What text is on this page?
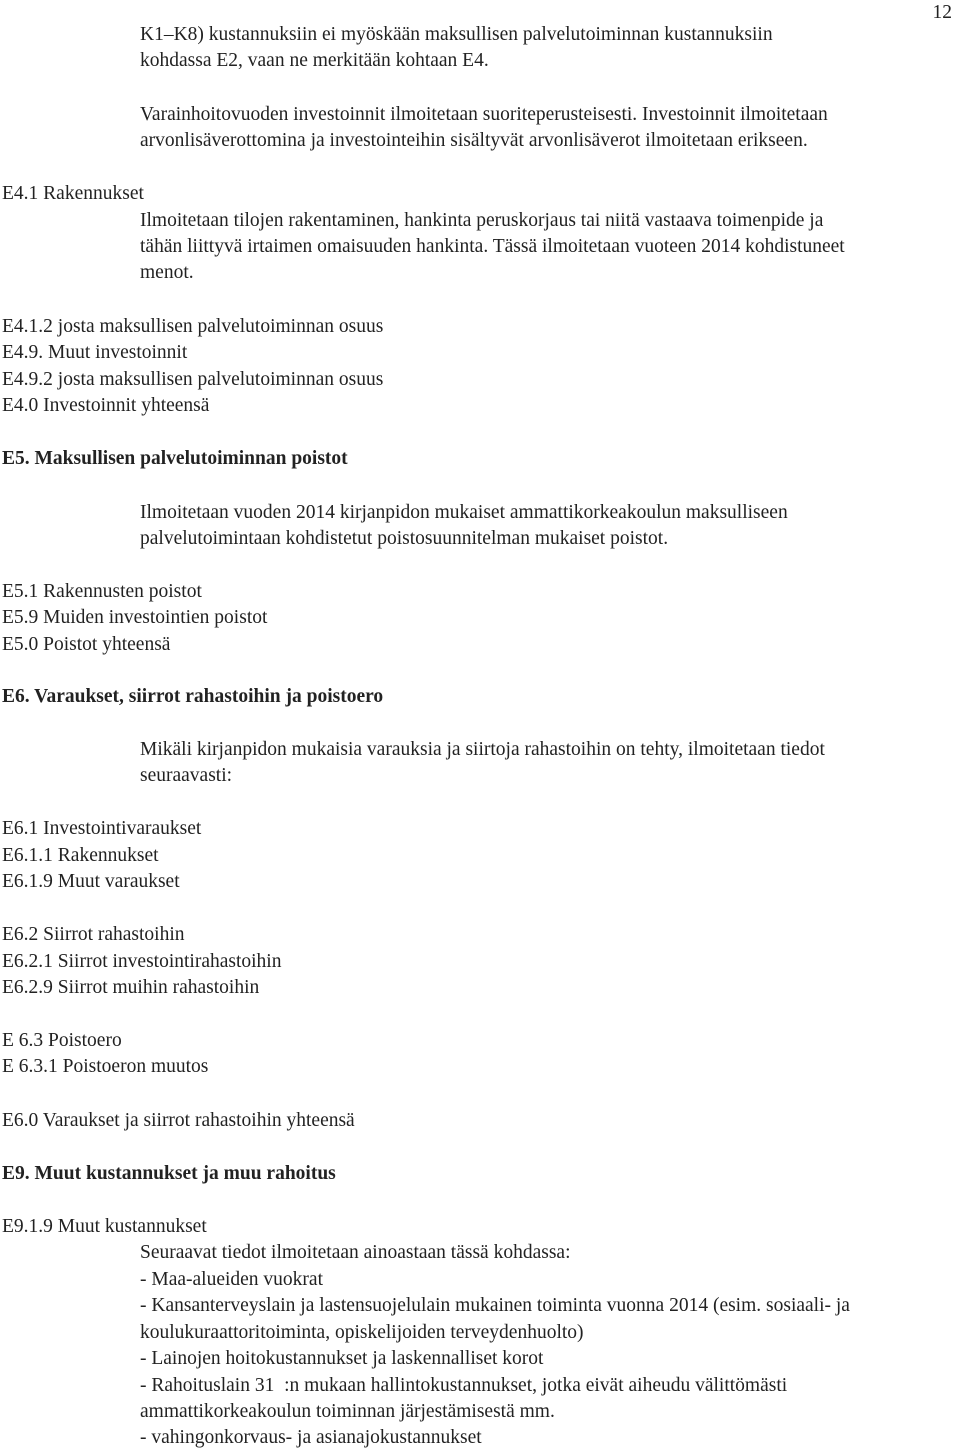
12
K1–K8) kustannuksiin ei myöskään maksullisen palvelutoiminnan kustannuksiin
kohdassa E2, vaan ne merkitään kohtaan E4.
Varainhoitovuoden investoinnit ilmoitetaan suoriteperusteisesti. Investoinnit ilmoitetaan
arvonlisäverottomina ja investointeihin sisältyvät arvonlisäverot ilmoitetaan erikseen.
E4.1 Rakennukset
Ilmoitetaan tilojen rakentaminen, hankinta peruskorjaus tai niitä vastaava toimenpide ja
tähän liittyvä irtaimen omaisuuden hankinta. Tässä ilmoitetaan vuoteen 2014 kohdistuneet
menot.
E4.1.2 josta maksullisen palvelutoiminnan osuus
E4.9. Muut investoinnit
E4.9.2 josta maksullisen palvelutoiminnan osuus
E4.0 Investoinnit yhteensä
E5. Maksullisen palvelutoiminnan poistot
Ilmoitetaan vuoden 2014 kirjanpidon mukaiset ammattikorkeakoulun maksulliseen
palvelutoimintaan kohdistetut poistosuunnitelman mukaiset poistot.
E5.1 Rakennusten poistot
E5.9 Muiden investointien poistot
E5.0 Poistot yhteensä
E6. Varaukset, siirrot rahastoihin ja poistoero
Mikäli kirjanpidon mukaisia varauksia ja siirtoja rahastoihin on tehty, ilmoitetaan tiedot
seuraavasti:
E6.1 Investointivaraukset
E6.1.1 Rakennukset
E6.1.9 Muut varaukset
E6.2 Siirrot rahastoihin
E6.2.1 Siirrot investointirahastoihin
E6.2.9 Siirrot muihin rahastoihin
E 6.3 Poistoero
E 6.3.1 Poistoeron muutos
E6.0 Varaukset ja siirrot rahastoihin yhteensä
E9. Muut kustannukset ja muu rahoitus
E9.1.9 Muut kustannukset
Seuraavat tiedot ilmoitetaan ainoastaan tässä kohdassa:
- Maa-alueiden vuokrat
- Kansanterveyslain ja lastensuojelulain mukainen toiminta vuonna 2014 (esim. sosiaali- ja
koulukuraattoritoiminta, opiskelijoiden terveydenhuolto)
- Lainojen hoitokustannukset ja laskennalliset korot
- Rahoituslain 31  :n mukaan hallintokustannukset, jotka eivät aiheudu välittömästi
ammattikorkeakoulun toiminnan järjestämisestä mm.
- vahingonkorvaus- ja asianajokustannukset
